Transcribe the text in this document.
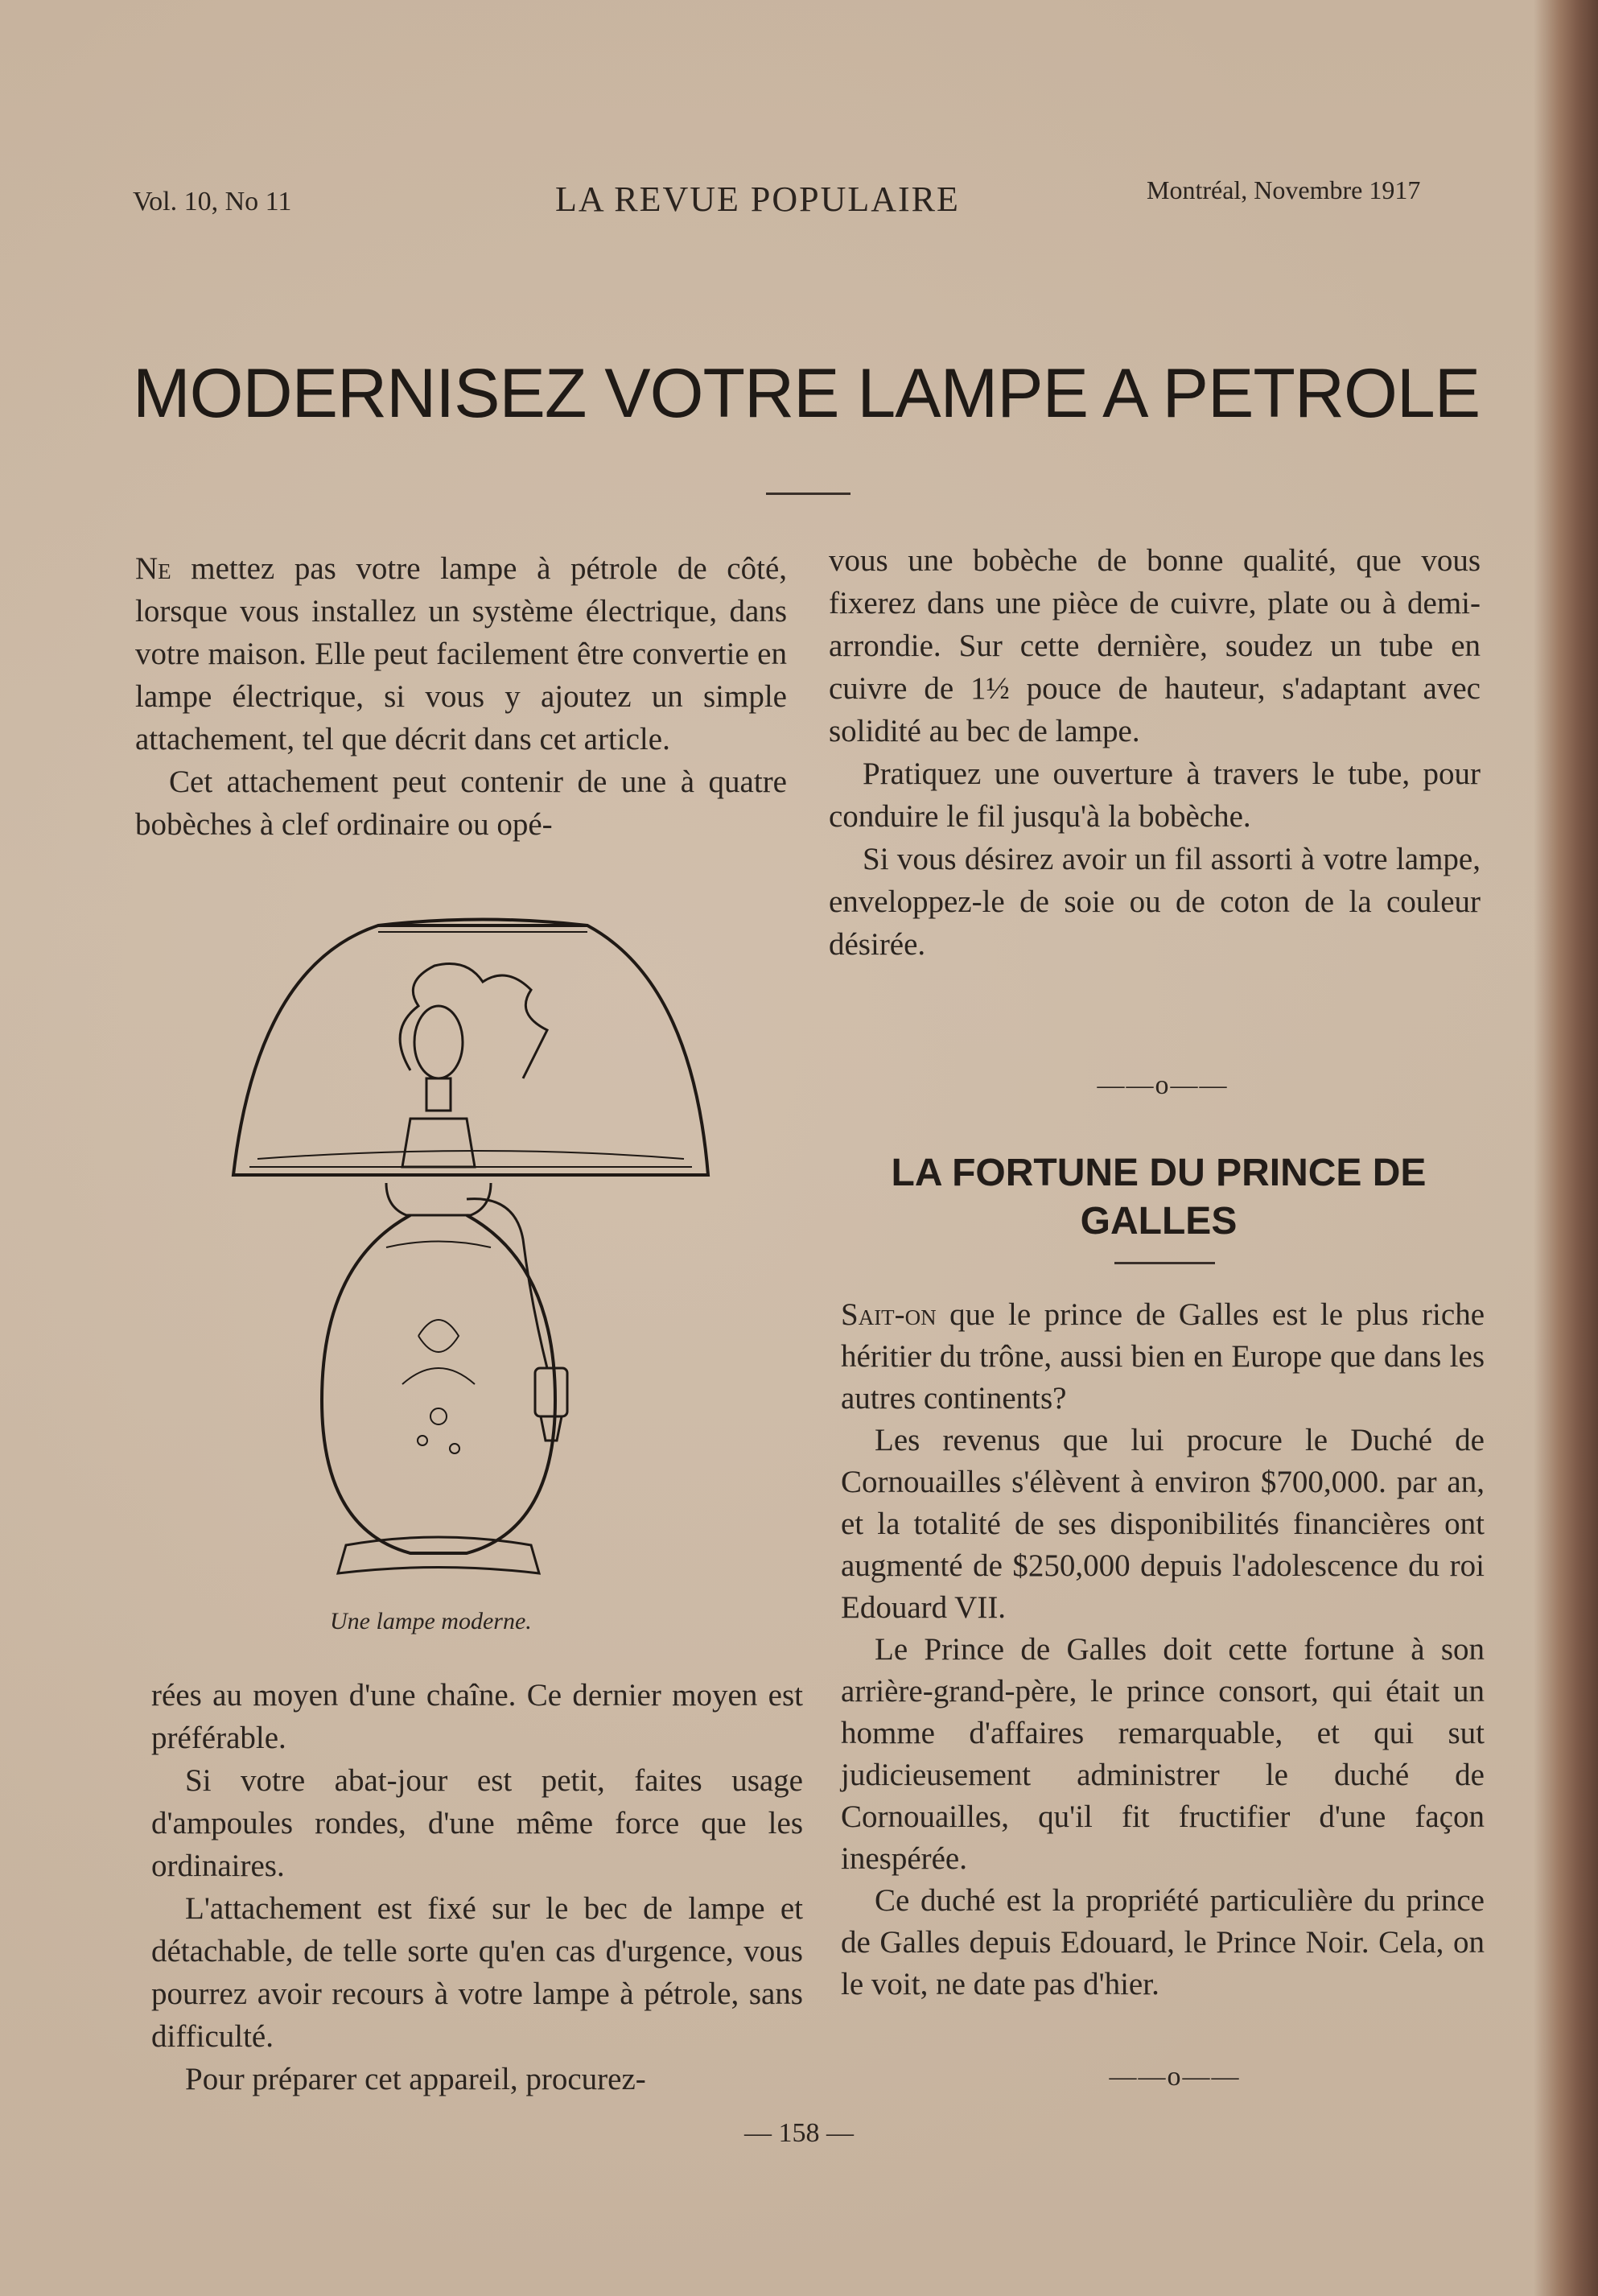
Vol. 10, No 11	LA REVUE POPULAIRE	Montréal, Novembre 1917
MODERNISEZ VOTRE LAMPE A PETROLE

Ne mettez pas votre lampe à pétrole de côté, lorsque vous installez un système électrique, dans votre maison. Elle peut facilement être convertie en lampe électrique, si vous y ajoutez un simple attachement, tel que décrit dans cet article.

Cet attachement peut contenir de une à quatre bobèches à clef ordinaire ou opé-

Une lampe moderne.

rées au moyen d'une chaîne. Ce dernier moyen est préférable.

Si votre abat-jour est petit, faites usage d'ampoules rondes, d'une même force que les ordinaires.

L'attachement est fixé sur le bec de lampe et détachable, de telle sorte qu'en cas d'urgence, vous pourrez avoir recours à votre lampe à pétrole, sans difficulté.

Pour préparer cet appareil, procurez-

vous une bobèche de bonne qualité, que vous fixerez dans une pièce de cuivre, plate ou à demi-arrondie. Sur cette dernière, soudez un tube en cuivre de 1½ pouce de hauteur, s'adaptant avec solidité au bec de lampe.

Pratiquez une ouverture à travers le tube, pour conduire le fil jusqu'à la bobèche.

Si vous désirez avoir un fil assorti à votre lampe, enveloppez-le de soie ou de coton de la couleur désirée.

——o——
LA FORTUNE DU PRINCE DE
GALLES

Sait-on que le prince de Galles est le plus riche héritier du trône, aussi bien en Europe que dans les autres continents?

Les revenus que lui procure le Duché de Cornouailles s'élèvent à environ $700,000. par an, et la totalité de ses disponibilités financières ont augmenté de $250,000 depuis l'adolescence du roi Edouard VII.

Le Prince de Galles doit cette fortune à son arrière-grand-père, le prince consort, qui était un homme d'affaires remarquable, et qui sut judicieusement administrer le duché de Cornouailles, qu'il fit fructifier d'une façon inespérée.

Ce duché est la propriété particulière du prince de Galles depuis Edouard, le Prince Noir. Cela, on le voit, ne date pas d'hier.

——o——
— 158 —
